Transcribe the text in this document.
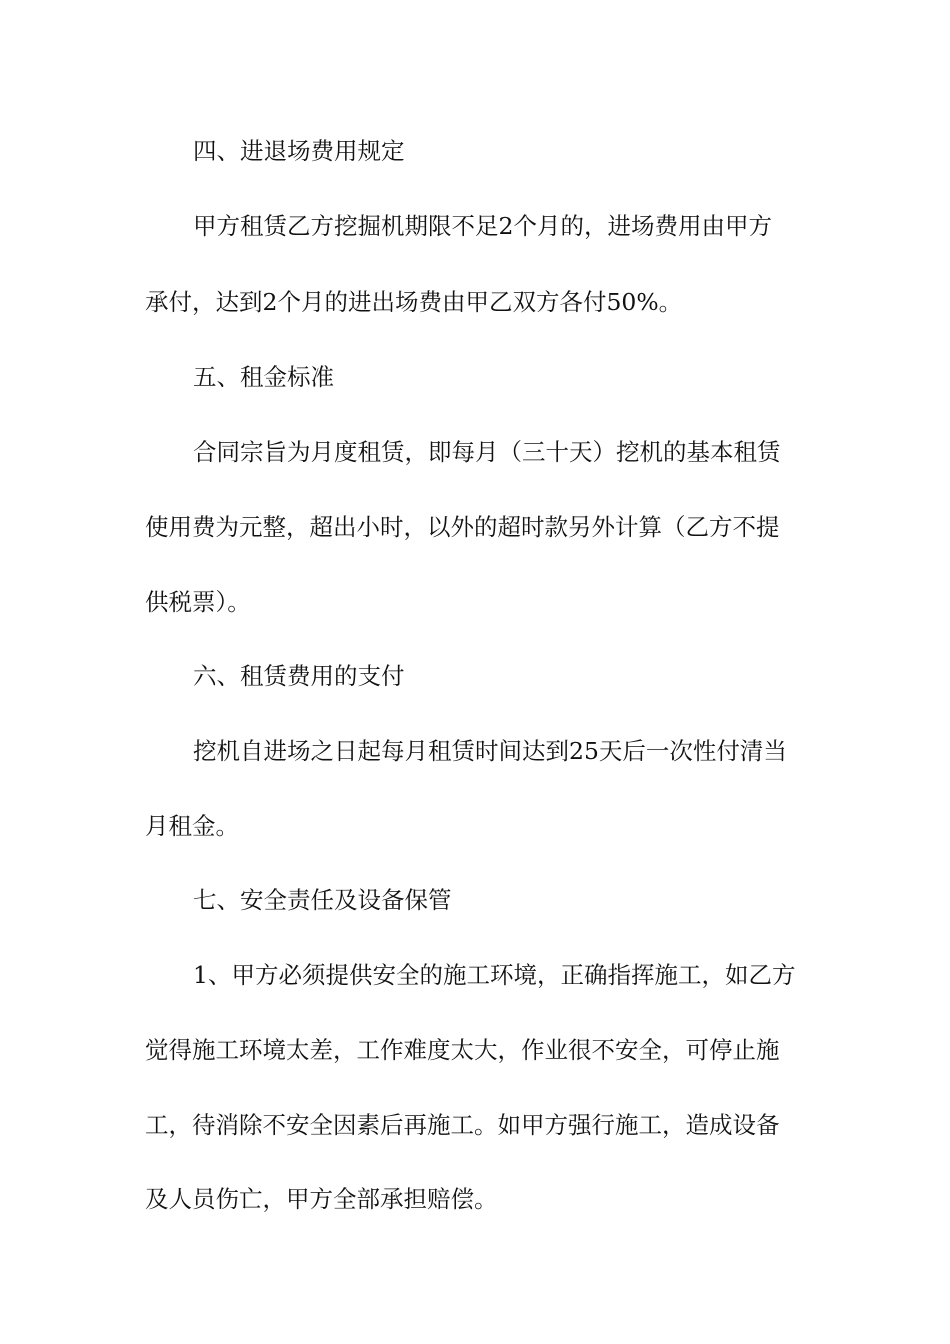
四、进退场费用规定
甲方租赁乙方挖掘机期限不足2个月的，进场费用由甲方
承付，达到2个月的进出场费由甲乙双方各付50%。
五、租金标准
合同宗旨为月度租赁，即每月（三十天）挖机的基本租赁
使用费为元整，超出小时，以外的超时款另外计算（乙方不提
供税票）。
六、租赁费用的支付
挖机自进场之日起每月租赁时间达到25天后一次性付清当
月租金。
七、安全责任及设备保管
1、甲方必须提供安全的施工环境，正确指挥施工，如乙方
觉得施工环境太差，工作难度太大，作业很不安全，可停止施
工，待消除不安全因素后再施工。如甲方强行施工，造成设备
及人员伤亡，甲方全部承担赔偿。
